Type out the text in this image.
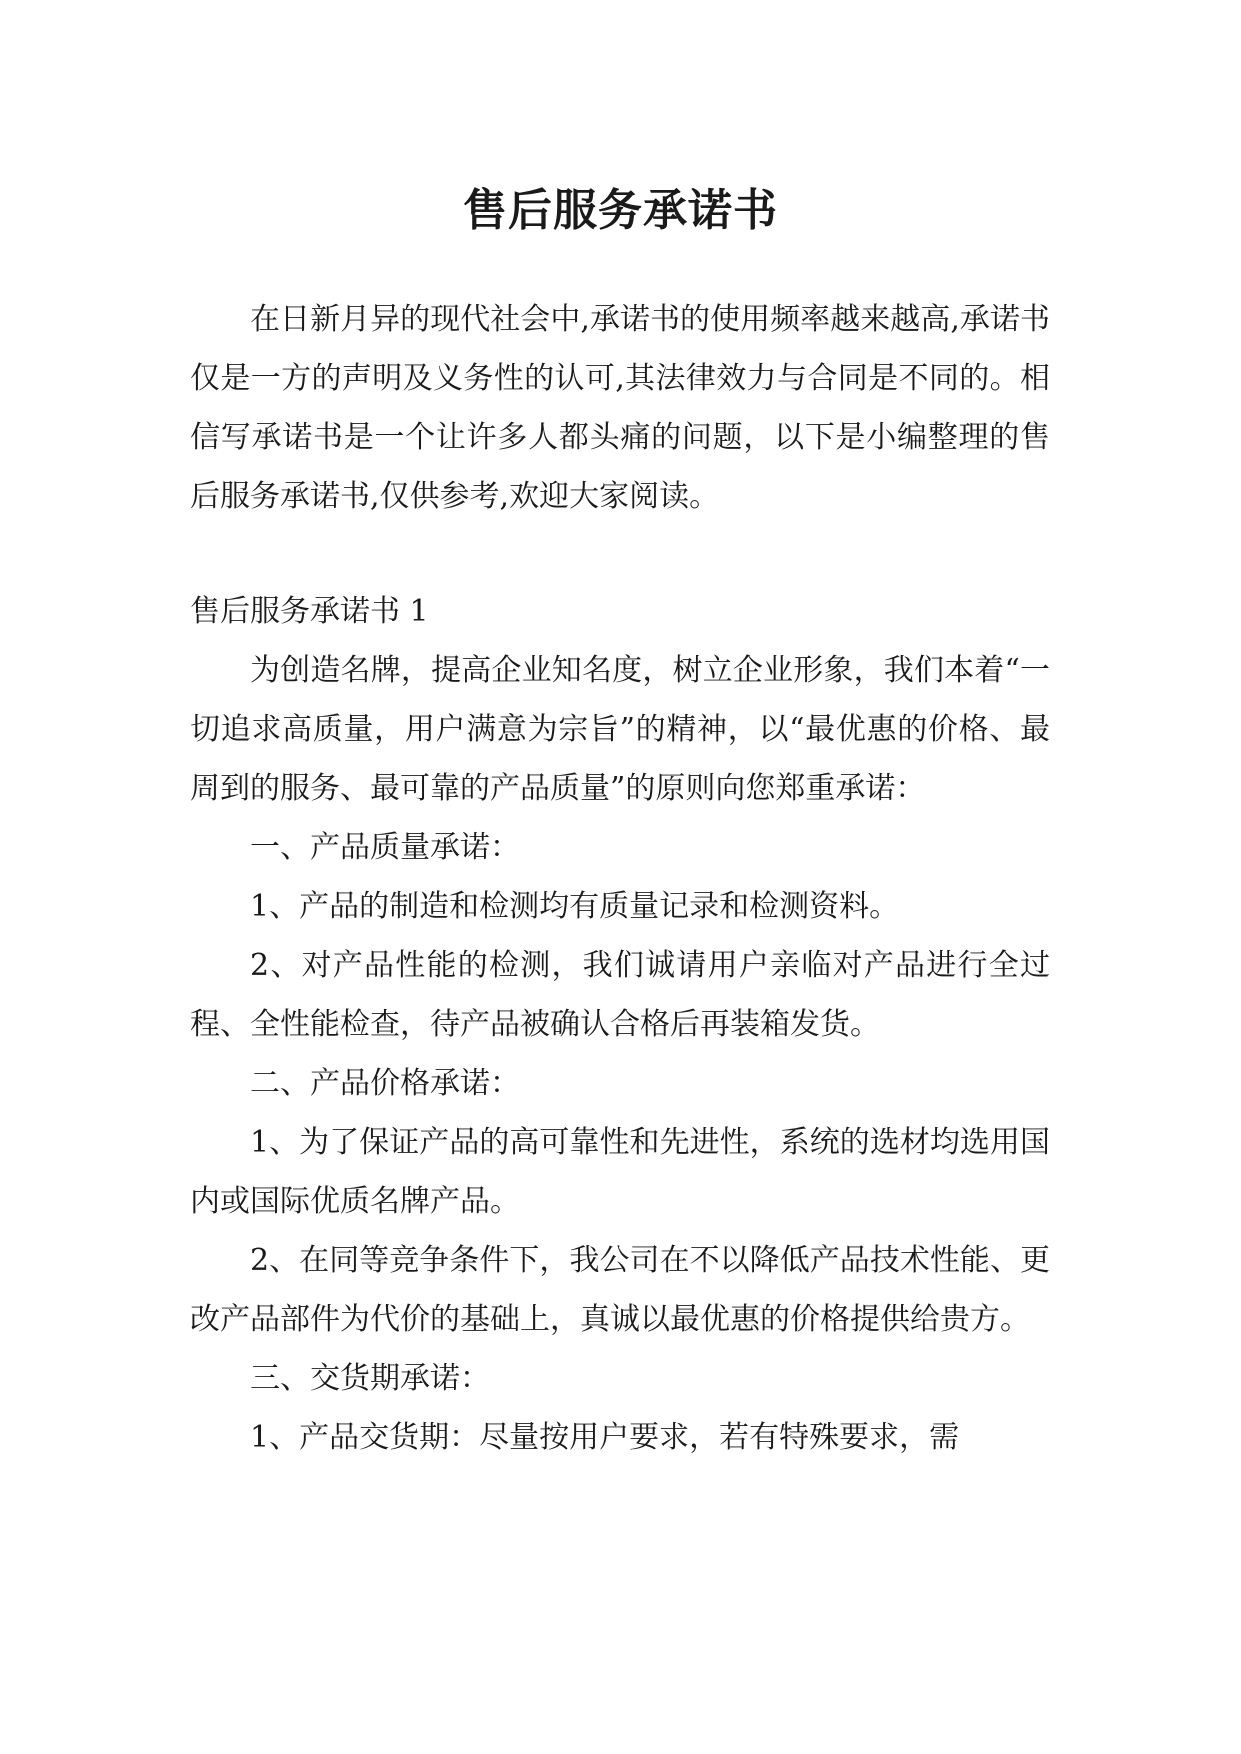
售后服务承诺书

在日新月异的现代社会中,承诺书的使用频率越来越高,承诺书仅是一方的声明及义务性的认可,其法律效力与合同是不同的。相信写承诺书是一个让许多人都头痛的问题，以下是小编整理的售后服务承诺书,仅供参考,欢迎大家阅读。

售后服务承诺书 1

为创造名牌，提高企业知名度，树立企业形象，我们本着“一切追求高质量，用户满意为宗旨”的精神，以“最优惠的价格、最周到的服务、最可靠的产品质量”的原则向您郑重承诺：

一、产品质量承诺：

1、产品的制造和检测均有质量记录和检测资料。

2、对产品性能的检测，我们诚请用户亲临对产品进行全过程、全性能检查，待产品被确认合格后再装箱发货。

二、产品价格承诺：

1、为了保证产品的高可靠性和先进性，系统的选材均选用国内或国际优质名牌产品。

2、在同等竞争条件下，我公司在不以降低产品技术性能、更改产品部件为代价的基础上，真诚以最优惠的价格提供给贵方。

三、交货期承诺：

1、产品交货期：尽量按用户要求，若有特殊要求，需
